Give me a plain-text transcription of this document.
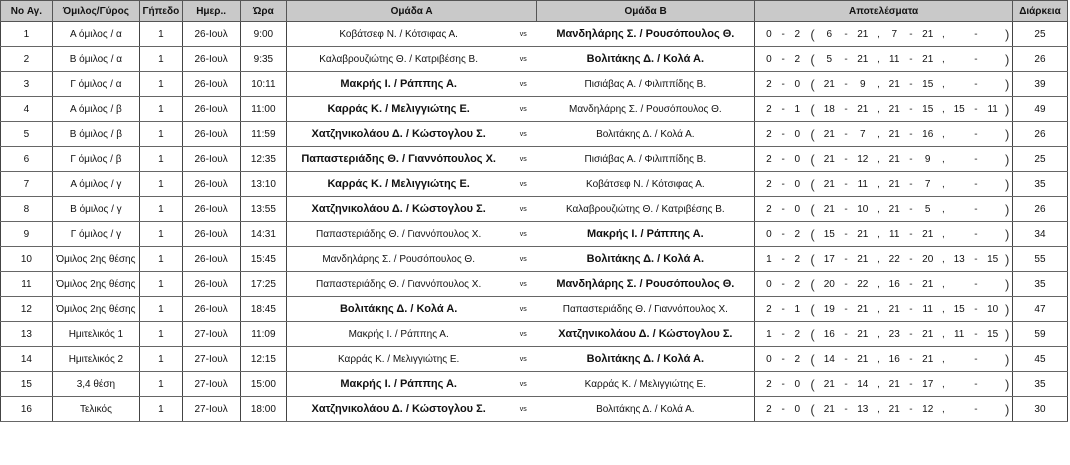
No Αγ.	Όμιλος/Γύρος	Γήπεδο	Ημερ..	Ώρα	Ομάδα Α		Ομάδα Β	Αποτελέσματα																	Διάρκεια
1	Α όμιλος / α	1	26-Ιουλ	9:00	Κοβάτσεφ Ν. / Κότσιφας Α.	vs	Μανδηλάρης Σ. / Ρουσόπουλος Θ.		0	-	2	(	6	-	21	,	7	-	21	,		-		)	25
2	Β όμιλος / α	1	26-Ιουλ	9:35	Καλαβρουζιώτης Θ. / Κατριβέσης Β.	vs	Βολιτάκης Δ. / Κολά Α.		0	-	2	(	5	-	21	,	11	-	21	,		-		)	26
3	Γ όμιλος / α	1	26-Ιουλ	10:11	Μακρής Ι. / Ράππης Α.	vs	Πισιάβας Α. / Φιλιππίδης Β.		2	-	0	(	21	-	9	,	21	-	15	,		-		)	39
4	Α όμιλος / β	1	26-Ιουλ	11:00	Καρράς Κ. / Μελιγγιώτης Ε.	vs	Μανδηλάρης Σ. / Ρουσόπουλος Θ.		2	-	1	(	18	-	21	,	21	-	15	,	15	-	11	)	49
5	Β όμιλος / β	1	26-Ιουλ	11:59	Χατζηνικολάου Δ. / Κώστογλου Σ.	vs	Βολιτάκης Δ. / Κολά Α.		2	-	0	(	21	-	7	,	21	-	16	,		-		)	26
6	Γ όμιλος / β	1	26-Ιουλ	12:35	Παπαστεριάδης Θ. / Γιαννόπουλος Χ.	vs	Πισιάβας Α. / Φιλιππίδης Β.		2	-	0	(	21	-	12	,	21	-	9	,		-		)	25
7	Α όμιλος / γ	1	26-Ιουλ	13:10	Καρράς Κ. / Μελιγγιώτης Ε.	vs	Κοβάτσεφ Ν. / Κότσιφας Α.		2	-	0	(	21	-	11	,	21	-	7	,		-		)	35
8	Β όμιλος / γ	1	26-Ιουλ	13:55	Χατζηνικολάου Δ. / Κώστογλου Σ.	vs	Καλαβρουζιώτης Θ. / Κατριβέσης Β.		2	-	0	(	21	-	10	,	21	-	5	,		-		)	26
9	Γ όμιλος / γ	1	26-Ιουλ	14:31	Παπαστεριάδης Θ. / Γιαννόπουλος Χ.	vs	Μακρής Ι. / Ράππης Α.		0	-	2	(	15	-	21	,	11	-	21	,		-		)	34
10	Όμιλος 2ης θέσης	1	26-Ιουλ	15:45	Μανδηλάρης Σ. / Ρουσόπουλος Θ.	vs	Βολιτάκης Δ. / Κολά Α.		1	-	2	(	17	-	21	,	22	-	20	,	13	-	15	)	55
11	Όμιλος 2ης θέσης	1	26-Ιουλ	17:25	Παπαστεριάδης Θ. / Γιαννόπουλος Χ.	vs	Μανδηλάρης Σ. / Ρουσόπουλος Θ.		0	-	2	(	20	-	22	,	16	-	21	,		-		)	35
12	Όμιλος 2ης θέσης	1	26-Ιουλ	18:45	Βολιτάκης Δ. / Κολά Α.	vs	Παπαστεριάδης Θ. / Γιαννόπουλος Χ.		2	-	1	(	19	-	21	,	21	-	11	,	15	-	10	)	47
13	Ημιτελικός 1	1	27-Ιουλ	11:09	Μακρής Ι. / Ράππης Α.	vs	Χατζηνικολάου Δ. / Κώστογλου Σ.		1	-	2	(	16	-	21	,	23	-	21	,	11	-	15	)	59
14	Ημιτελικός 2	1	27-Ιουλ	12:15	Καρράς Κ. / Μελιγγιώτης Ε.	vs	Βολιτάκης Δ. / Κολά Α.		0	-	2	(	14	-	21	,	16	-	21	,		-		)	45
15	3,4 θέση	1	27-Ιουλ	15:00	Μακρής Ι. / Ράππης Α.	vs	Καρράς Κ. / Μελιγγιώτης Ε.		2	-	0	(	21	-	14	,	21	-	17	,		-		)	35
16	Τελικός	1	27-Ιουλ	18:00	Χατζηνικολάου Δ. / Κώστογλου Σ.	vs	Βολιτάκης Δ. / Κολά Α.		2	-	0	(	21	-	13	,	21	-	12	,		-		)	30
